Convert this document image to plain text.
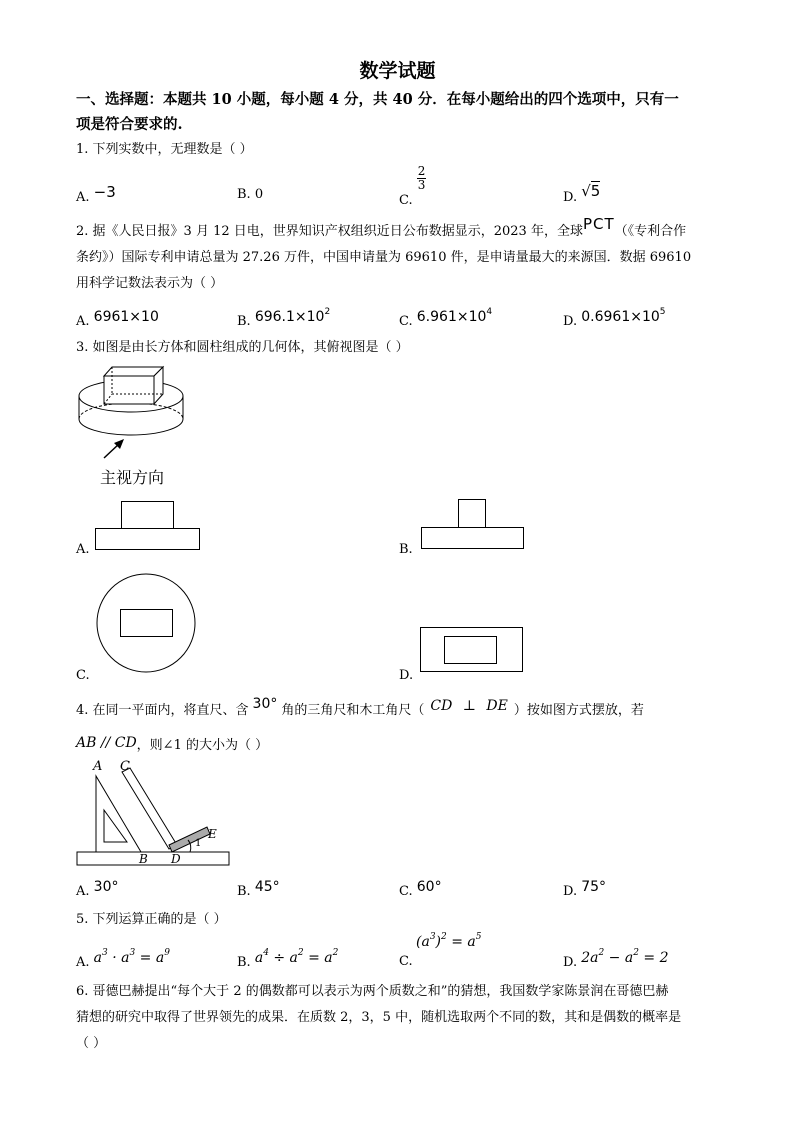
数学试题
一、选择题：本题共 10 小题，每小题 4 分，共 40 分．在每小题给出的四个选项中，只有一
项是符合要求的.
1. 下列实数中，无理数是（ ）
A. −3	B. 0	C.
$\frac{2}{3}$
D. √5
2. 据《人民日报》3 月 12 日电，世界知识产权组织近日公布数据显示，2023 年，全球PCT（《专利合作
条约》）国际专利申请总量为 27.26 万件，中国申请量为 69610 件，是申请量最大的来源国．数据 69610
用科学记数法表示为（ ）
A. 6961×10	B. $696.1\times 10^2$
C. $6.961\times 10^4$
D. $0.6961\times 10^5$
3. 如图是由长方体和圆柱组成的几何体，其俯视图是（ ）
主视方向
A.	B.
C.	D.
4. 在同一平面内，将直尺、含 30° 角的三角尺和木工角尺（ CD ⊥ DE ）按如图方式摆放，若
AB // CD，则∠1 的大小为（ ）
A C
E
B D
1
A. 30°	B. 45°	C. 60°	D. 75°
5. 下列运算正确的是（ ）
A. $a^3 \cdot a^3 = a^9$
B. $a^4 \div a^2 = a^2$
$(a^3)^2 = a^5$
C.	D. $2a^2 - a^2 = 2$
6. 哥德巴赫提出“每个大于 2 的偶数都可以表示为两个质数之和”的猜想，我国数学家陈景润在哥德巴赫
猜想的研究中取得了世界领先的成果．在质数 2，3，5 中，随机选取两个不同的数，其和是偶数的概率是
（ ）
